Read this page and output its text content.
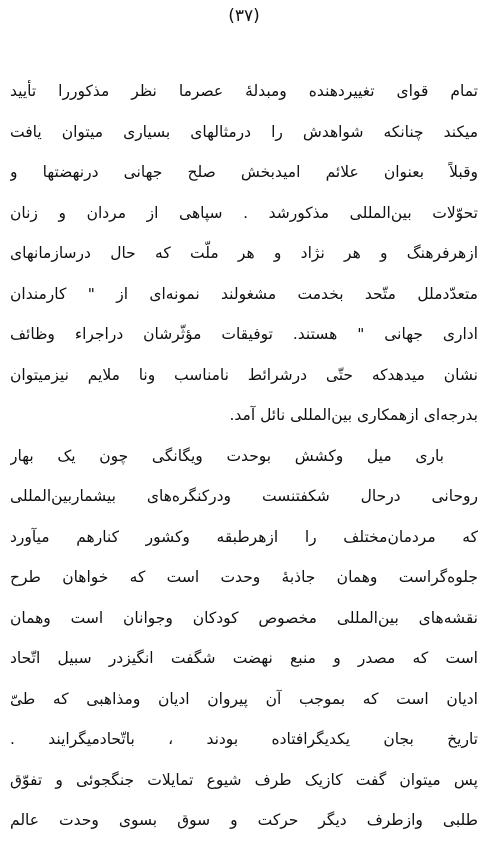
(۳۷)
تمام قوای تغییردهنده ومبدلهٔ عصرما نظر مذکوررا تأیید
میکند چنانکه شواهدش را درمثالهای بسیاری میتوان یافت
وقبلاً بعنوان علائم امیدبخش صلح جهانی درنهضتها و
تحوّلات بین‌المللی مذکورشد . سپاهی از مردان و زنان
ازهرفرهنگ و هر نژاد و هر ملّت که حال درسازمانهای
متعدّدملل متّحد بخدمت مشغولند نمونه‌ای از " کارمندان
اداری جهانی " هستند. توفیقات مؤثّرشان دراجراء وظائف
نشان میدهدکه حتّی درشرائط نامناسب ونا ملایم نیزمیتوان
بدرجه‌ای ازهمکاری بین‌المللی نائل آمد.
باری میل وکشش بوحدت ویگانگی چون یک بهار
روحانی درحال شکفتنست ودرکنگره‌های بیشماربین‌المللی
که مردمان‌مختلف را ازهرطبقه وکشور کنارهم میآورد
جلوه‌گراست وهمان جاذبهٔ وحدت است که خواهان طرح
نقشه‌های بین‌المللی مخصوص کودکان وجوانان است وهمان
است که مصدر و منبع نهضت شگفت انگیزدر سبیل اتّحاد
ادیان است که بموجب آن پیروان ادیان ومذاهبی که طیّ
تاریخ بجان یکدیگرافتاده بودند ، باتّحادمیگرایند .
پس میتوان گفت کازیک طرف شیوع تمایلات جنگجوئی و تفوّق
طلبی وازطرف دیگر حرکت و سوق بسوی وحدت عالم
